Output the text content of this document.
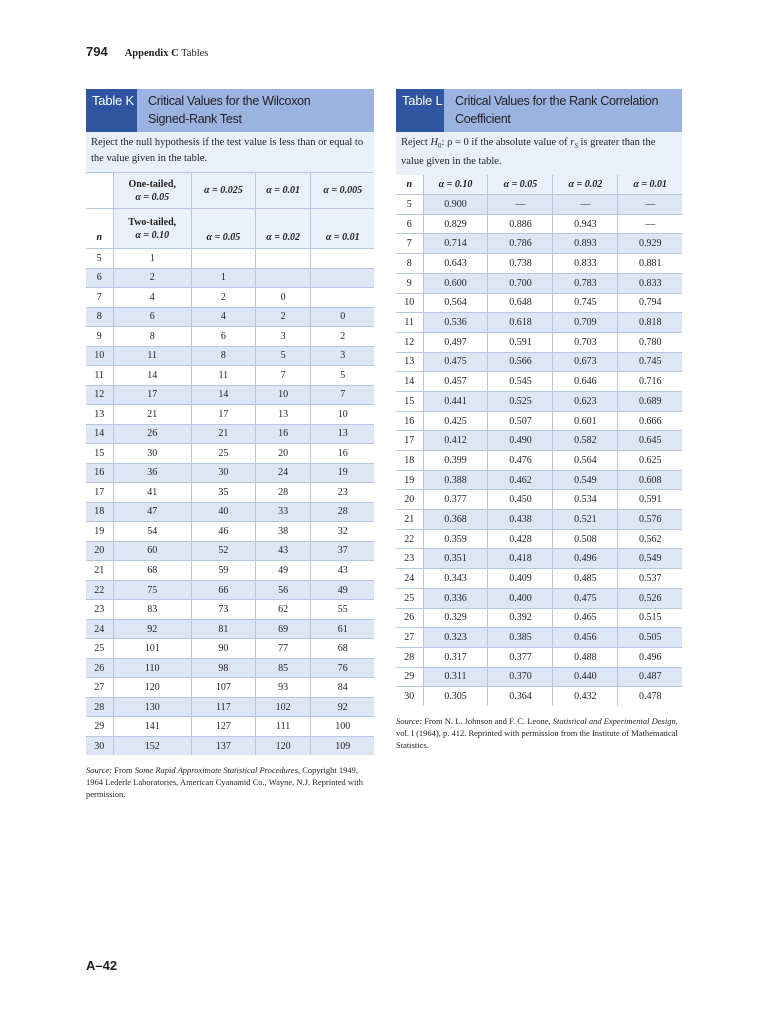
794 Appendix C Tables
Table K Critical Values for the Wilcoxon
Signed-Rank Test
Reject the null hypothesis if the test value is less than or equal to the value given in the table.

	One-tailed,
α = 0.05	α = 0.025	α = 0.01	α = 0.005
n	Two-tailed,
α = 0.10	α = 0.05	α = 0.02	α = 0.01
5	1			
6	2	1		
7	4	2	0	
8	6	4	2	0
9	8	6	3	2
10	11	8	5	3
11	14	11	7	5
12	17	14	10	7
13	21	17	13	10
14	26	21	16	13
15	30	25	20	16
16	36	30	24	19
17	41	35	28	23
18	47	40	33	28
19	54	46	38	32
20	60	52	43	37
21	68	59	49	43
22	75	66	56	49
23	83	73	62	55
24	92	81	69	61
25	101	90	77	68
26	110	98	85	76
27	120	107	93	84
28	130	117	102	92
29	141	127	111	100
30	152	137	120	109
Source: From Some Rapid Approximate Statistical Procedures, Copyright 1949, 1964 Lederle Laboratories, American Cyanamid Co., Wayne, N.J. Reprinted with permission.
Table L Critical Values for the Rank Correlation
Coefficient
Reject $H_0$: ρ = 0 if the absolute value of $r_S$ is greater than the value given in the table.
n	α = 0.10	α = 0.05	α = 0.02	α = 0.01
5	0.900	—	—	—
6	0.829	0.886	0.943	—
7	0.714	0.786	0.893	0.929
8	0.643	0.738	0.833	0.881
9	0.600	0.700	0.783	0.833
10	0.564	0.648	0.745	0.794
11	0.536	0.618	0.709	0.818
12	0.497	0.591	0.703	0.780
13	0.475	0.566	0.673	0.745
14	0.457	0.545	0.646	0.716
15	0.441	0.525	0.623	0.689
16	0.425	0.507	0.601	0.666
17	0.412	0.490	0.582	0.645
18	0.399	0.476	0.564	0.625
19	0.388	0.462	0.549	0.608
20	0.377	0.450	0.534	0.591
21	0.368	0.438	0.521	0.576
22	0.359	0.428	0.508	0.562
23	0.351	0.418	0.496	0.549
24	0.343	0.409	0.485	0.537
25	0.336	0.400	0.475	0.526
26	0.329	0.392	0.465	0.515
27	0.323	0.385	0.456	0.505
28	0.317	0.377	0.488	0.496
29	0.311	0.370	0.440	0.487
30	0.305	0.364	0.432	0.478
Source: From N. L. Johnson and F. C. Leone, Statistical and Experimental Design, vol. I (1964), p. 412. Reprinted with permission from the Institute of Mathematical Statistics.
A–42
